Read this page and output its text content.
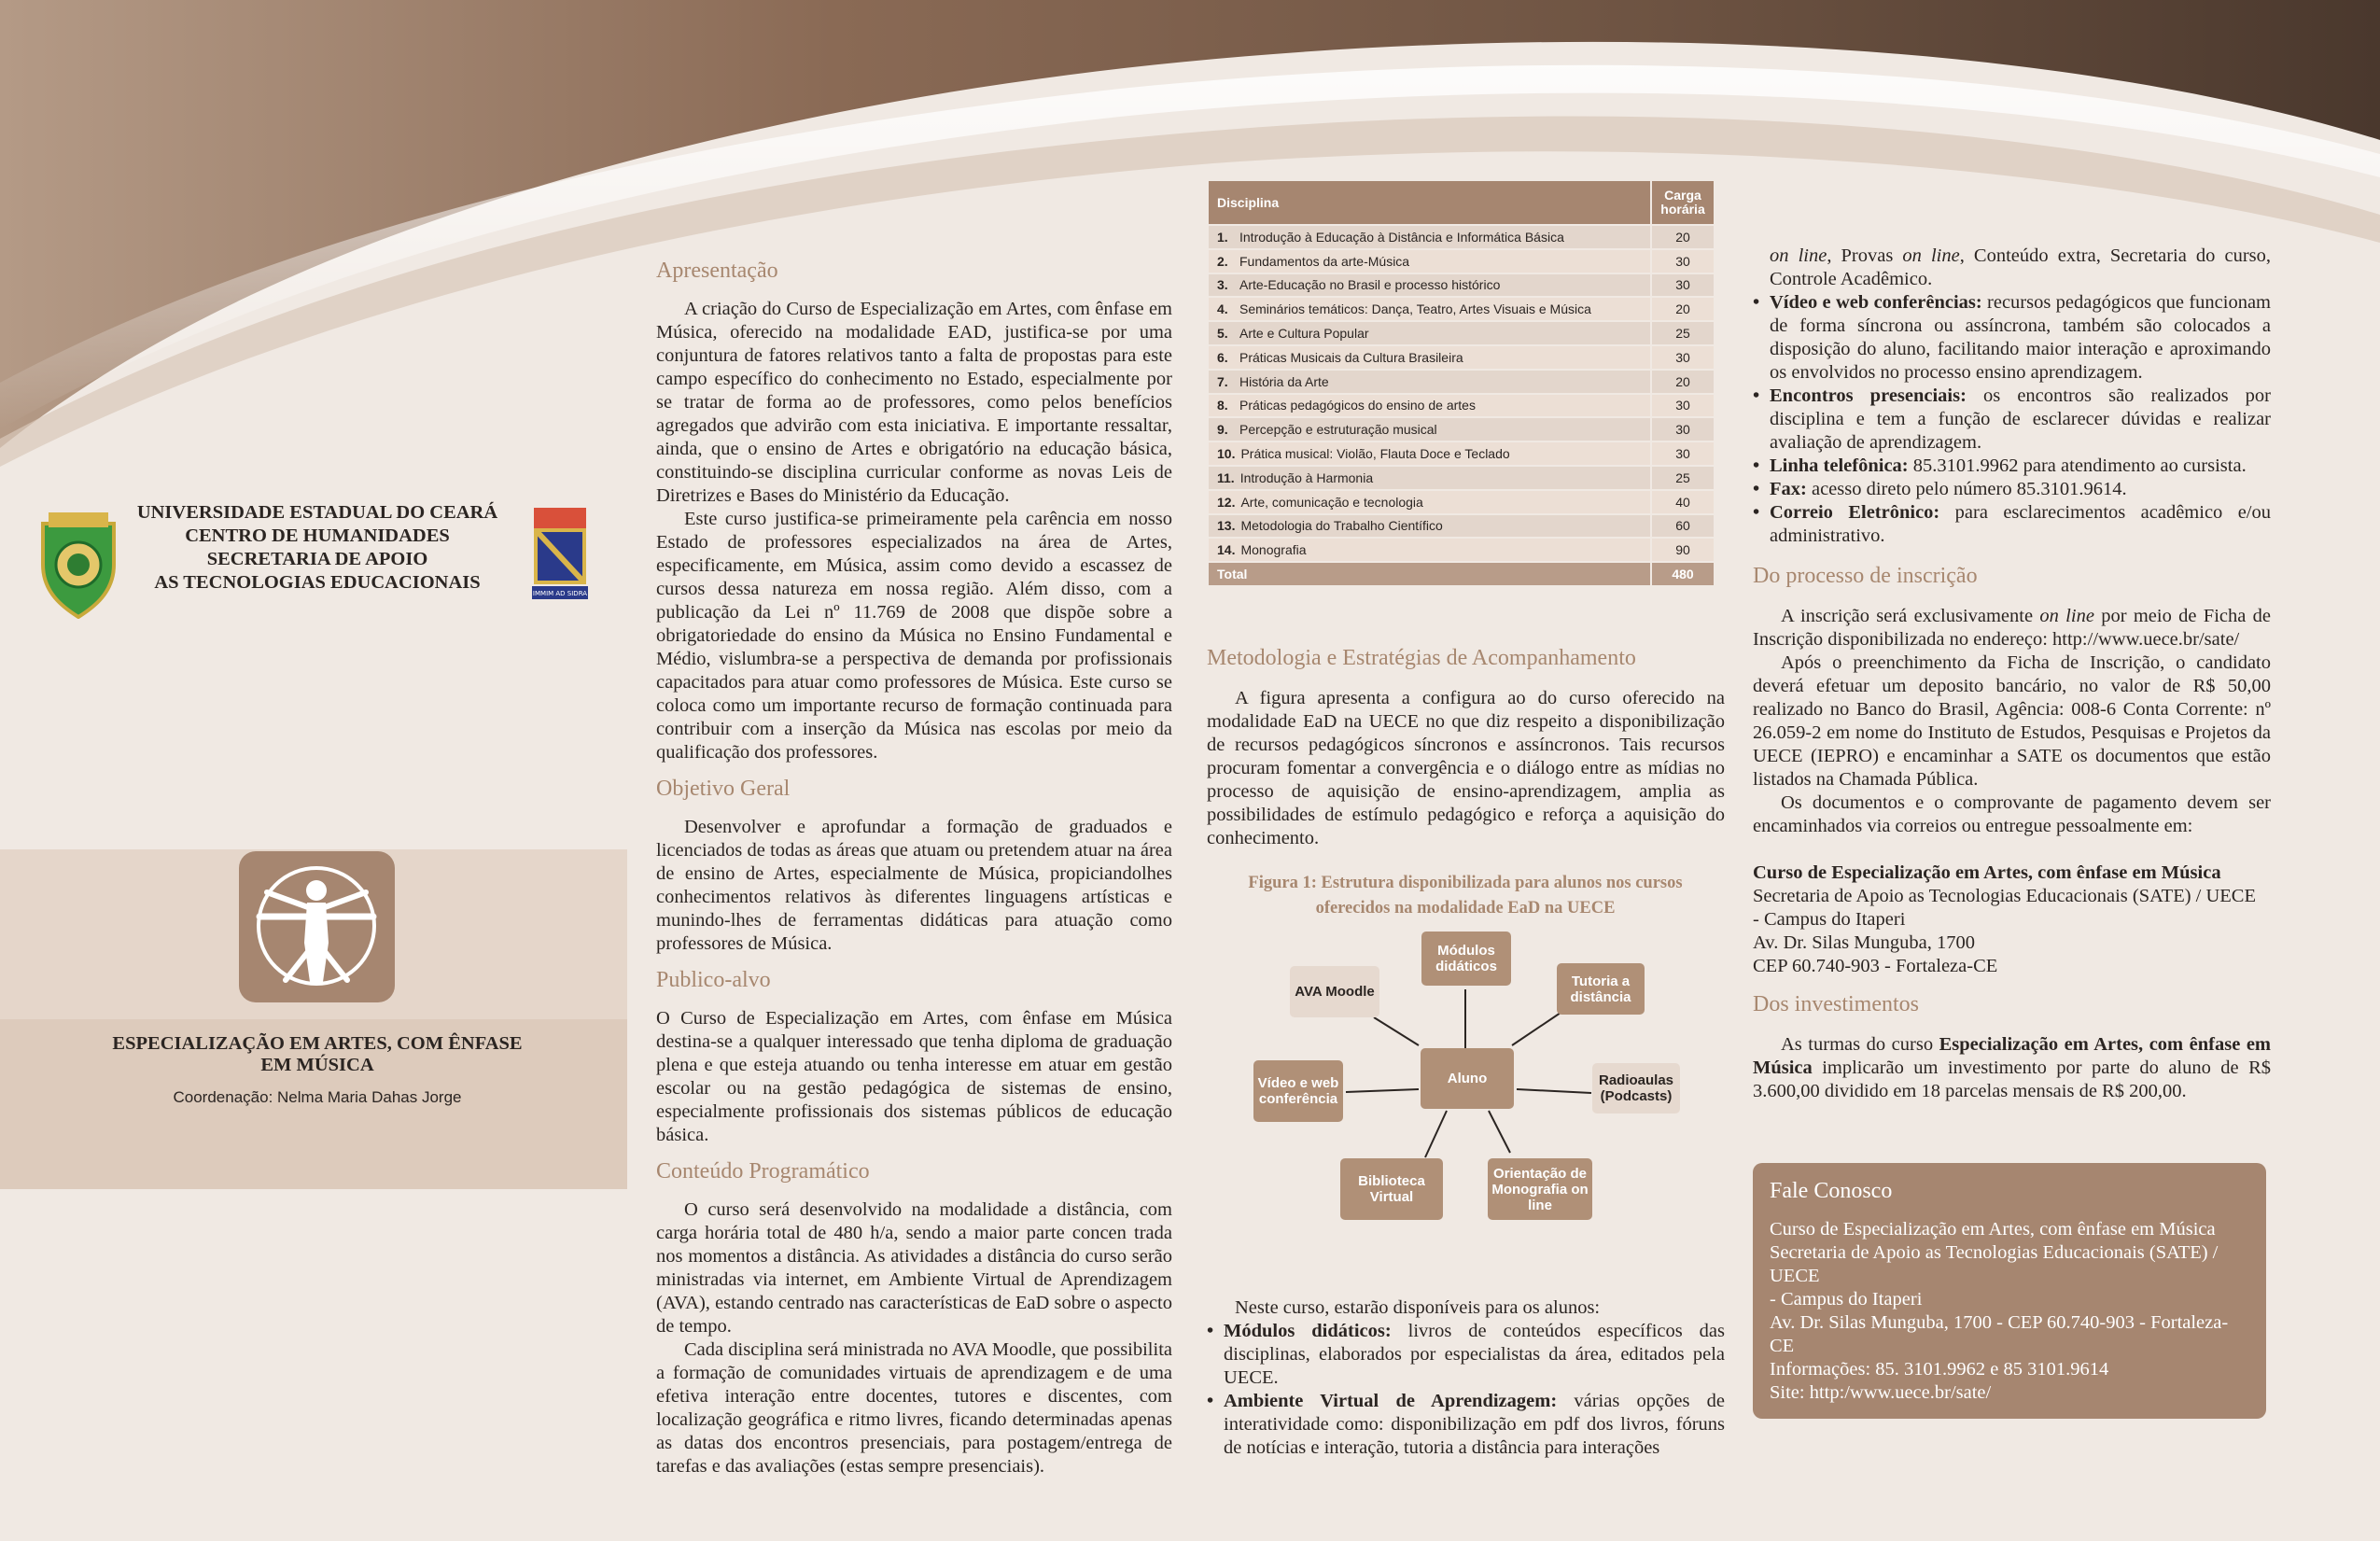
UNIVERSIDADE ESTADUAL DO CEARÁ
CENTRO DE HUMANIDADES
SECRETARIA DE APOIO
AS TECNOLOGIAS EDUCACIONAIS
IMMIM AD SIDRA
ESPECIALIZAÇÃO EM ARTES, COM ÊNFASE
EM MÚSICA
Coordenação: Nelma Maria Dahas Jorge
Apresentação

A criação do Curso de Especialização em Artes, com ênfase em Música, oferecido na modalidade EAD, justifica-se por uma conjuntura de fatores relativos tanto a falta de propostas para este campo específico do conhecimento no Estado, especialmente por se tratar de forma ao de professores, como pelos benefícios agregados que advirão com esta iniciativa. E importante ressaltar, ainda, que o ensino de Artes e obrigatório na educação básica, constituindo-se disciplina curricular conforme as novas Leis de Diretrizes e Bases do Ministério da Educação.

Este curso justifica-se primeiramente pela carência em nosso Estado de professores especializados na área de Artes, especificamente, em Música, assim como devido a escassez de cursos dessa natureza em nossa região. Além disso, com a publicação da Lei nº 11.769 de 2008 que dispõe sobre a obrigatoriedade do ensino da Música no Ensino Fundamental e Médio, vislumbra-se a perspectiva de demanda por profissionais capacitados para atuar como professores de Música. Este curso se coloca como um importante recurso de formação continuada para contribuir com a inserção da Música nas escolas por meio da qualificação dos professores.

Objetivo Geral

Desenvolver e aprofundar a formação de graduados e licenciados de todas as áreas que atuam ou pretendem atuar na área de ensino de Artes, especialmente de Música, propiciandolhes conhecimentos relativos às diferentes linguagens artísticas e munindo-lhes de ferramentas didáticas para atuação como professores de Música.

Publico-alvo

O Curso de Especialização em Artes, com ênfase em Música destina-se a qualquer interessado que tenha diploma de graduação plena e que esteja atuando ou tenha interesse em atuar em gestão escolar ou na gestão pedagógica de sistemas de ensino, especialmente profissionais dos sistemas públicos de educação básica.

Conteúdo Programático

O curso será desenvolvido na modalidade a distância, com carga horária total de 480 h/a, sendo a maior parte concen trada nos momentos a distância. As atividades a distância do curso serão ministradas via internet, em Ambiente Virtual de Aprendizagem (AVA), estando centrado nas características de EaD sobre o aspecto de tempo.

Cada disciplina será ministrada no AVA Moodle, que possibilita a formação de comunidades virtuais de aprendizagem e de uma efetiva interação entre docentes, tutores e discentes, com localização geográfica e ritmo livres, ficando determinadas apenas as datas dos encontros presenciais, para postagem/entrega de tarefas e das avaliações (estas sempre presenciais).

Disciplina	Carga horária
1. Introdução à Educação à Distância e Informática Básica	20
2. Fundamentos da arte-Música	30
3. Arte-Educação no Brasil e processo histórico	30
4. Seminários temáticos: Dança, Teatro, Artes Visuais e Música	20
5. Arte e Cultura Popular	25
6. Práticas Musicais da Cultura Brasileira	30
7. História da Arte	20
8. Práticas pedagógicos do ensino de artes	30
9. Percepção e estruturação musical	30
10. Prática musical: Violão, Flauta Doce e Teclado	30
11. Introdução à Harmonia	25
12. Arte, comunicação e tecnologia	40
13. Metodologia do Trabalho Científico	60
14. Monografia	90
Total	480
Metodologia e Estratégias de Acompanhamento

A figura apresenta a configura ao do curso oferecido na modalidade EaD na UECE no que diz respeito a disponibilização de recursos pedagógicos síncronos e assíncronos. Tais recursos procuram fomentar a convergência e o diálogo entre as mídias no processo de aquisição de ensino-aprendizagem, amplia as possibilidades de estímulo pedagógico e reforça a aquisição do conhecimento.

Figura 1: Estrutura disponibilizada para alunos nos cursos
oferecidos na modalidade EaD na UECE
Aluno
Módulos didáticos
Tutoria a distância
AVA Moodle
Radioaulas (Podcasts)
Vídeo e web conferência
Biblioteca Virtual
Orientação de Monografia on line

Neste curso, estarão disponíveis para os alunos:

• Módulos didáticos: livros de conteúdos específicos das disciplinas, elaborados por especialistas da área, editados pela UECE.
• Ambiente Virtual de Aprendizagem: várias opções de interatividade como: disponibilização em pdf dos livros, fóruns de notícias e interação, tutoria a distância para interações

on line, Provas on line, Conteúdo extra, Secretaria do curso, Controle Acadêmico.

• Vídeo e web conferências: recursos pedagógicos que funcionam de forma síncrona ou assíncrona, também são colocados a disposição do aluno, facilitando maior interação e aproximando os envolvidos no processo ensino aprendizagem.
• Encontros presenciais: os encontros são realizados por disciplina e tem a função de esclarecer dúvidas e realizar avaliação de aprendizagem.
• Linha telefônica: 85.3101.9962 para atendimento ao cursista.
• Fax: acesso direto pelo número 85.3101.9614.
• Correio Eletrônico: para esclarecimentos acadêmico e/ou administrativo.
Do processo de inscrição

A inscrição será exclusivamente on line por meio de Ficha de Inscrição disponibilizada no endereço: http://www.uece.br/sate/

Após o preenchimento da Ficha de Inscrição, o candidato deverá efetuar um deposito bancário, no valor de R$ 50,00 realizado no Banco do Brasil, Agência: 008-6 Conta Corrente: nº 26.059-2 em nome do Instituto de Estudos, Pesquisas e Projetos da UECE (IEPRO) e encaminhar a SATE os documentos que estão listados na Chamada Pública.

Os documentos e o comprovante de pagamento devem ser encaminhados via correios ou entregue pessoalmente em:

Curso de Especialização em Artes, com ênfase em Música
Secretaria de Apoio as Tecnologias Educacionais (SATE) / UECE
- Campus do Itaperi
Av. Dr. Silas Munguba, 1700
CEP 60.740-903 - Fortaleza-CE
Dos investimentos

As turmas do curso Especialização em Artes, com ênfase em Música implicarão um investimento por parte do aluno de R$ 3.600,00 dividido em 18 parcelas mensais de R$ 200,00.

Fale Conosco
Curso de Especialização em Artes, com ênfase em Música
Secretaria de Apoio as Tecnologias Educacionais (SATE) /
UECE
- Campus do Itaperi
Av. Dr. Silas Munguba, 1700 - CEP 60.740-903 - Fortaleza-CE
Informações: 85. 3101.9962 e 85 3101.9614
Site: http:/www.uece.br/sate/
